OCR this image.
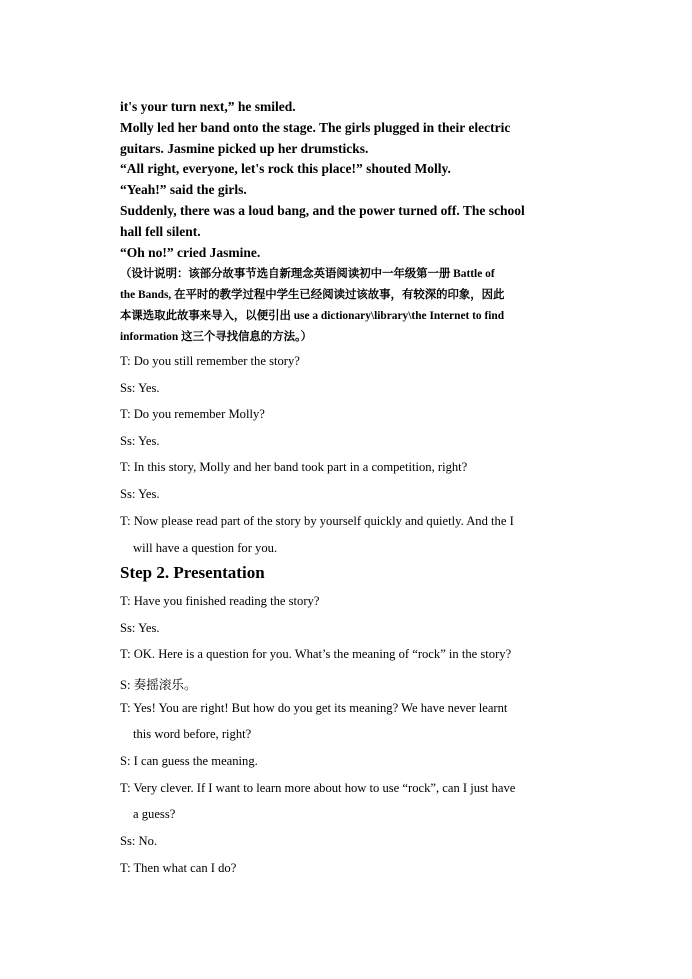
it's your turn next,” he smiled.

Molly led her band onto the stage. The girls plugged in their electric

guitars. Jasmine picked up her drumsticks.

“All right, everyone, let's rock this place!” shouted Molly.

“Yeah!” said the girls.

Suddenly, there was a loud bang, and the power turned off. The school

hall fell silent.

“Oh no!” cried Jasmine.

（设计说明：该部分故事节选自新理念英语阅读初中一年级第一册 Battle of

the Bands, 在平时的教学过程中学生已经阅读过该故事，有较深的印象，因此

本课选取此故事来导入，以便引出 use a dictionary\library\the Internet to find

information 这三个寻找信息的方法。）

T: Do you still remember the story?

Ss: Yes.

T: Do you remember Molly?

Ss: Yes.

T: In this story, Molly and her band took part in a competition, right?

Ss: Yes.

T: Now please read part of the story by yourself quickly and quietly. And the I

will have a question for you.

Step 2. Presentation

T: Have you finished reading the story?

Ss: Yes.

T: OK. Here is a question for you. What’s the meaning of “rock” in the story?

S: 奏摇滚乐。

T: Yes! You are right! But how do you get its meaning? We have never learnt

this word before, right?

S: I can guess the meaning.

T: Very clever. If I want to learn more about how to use “rock”, can I just have

a guess?

Ss: No.

T: Then what can I do?
